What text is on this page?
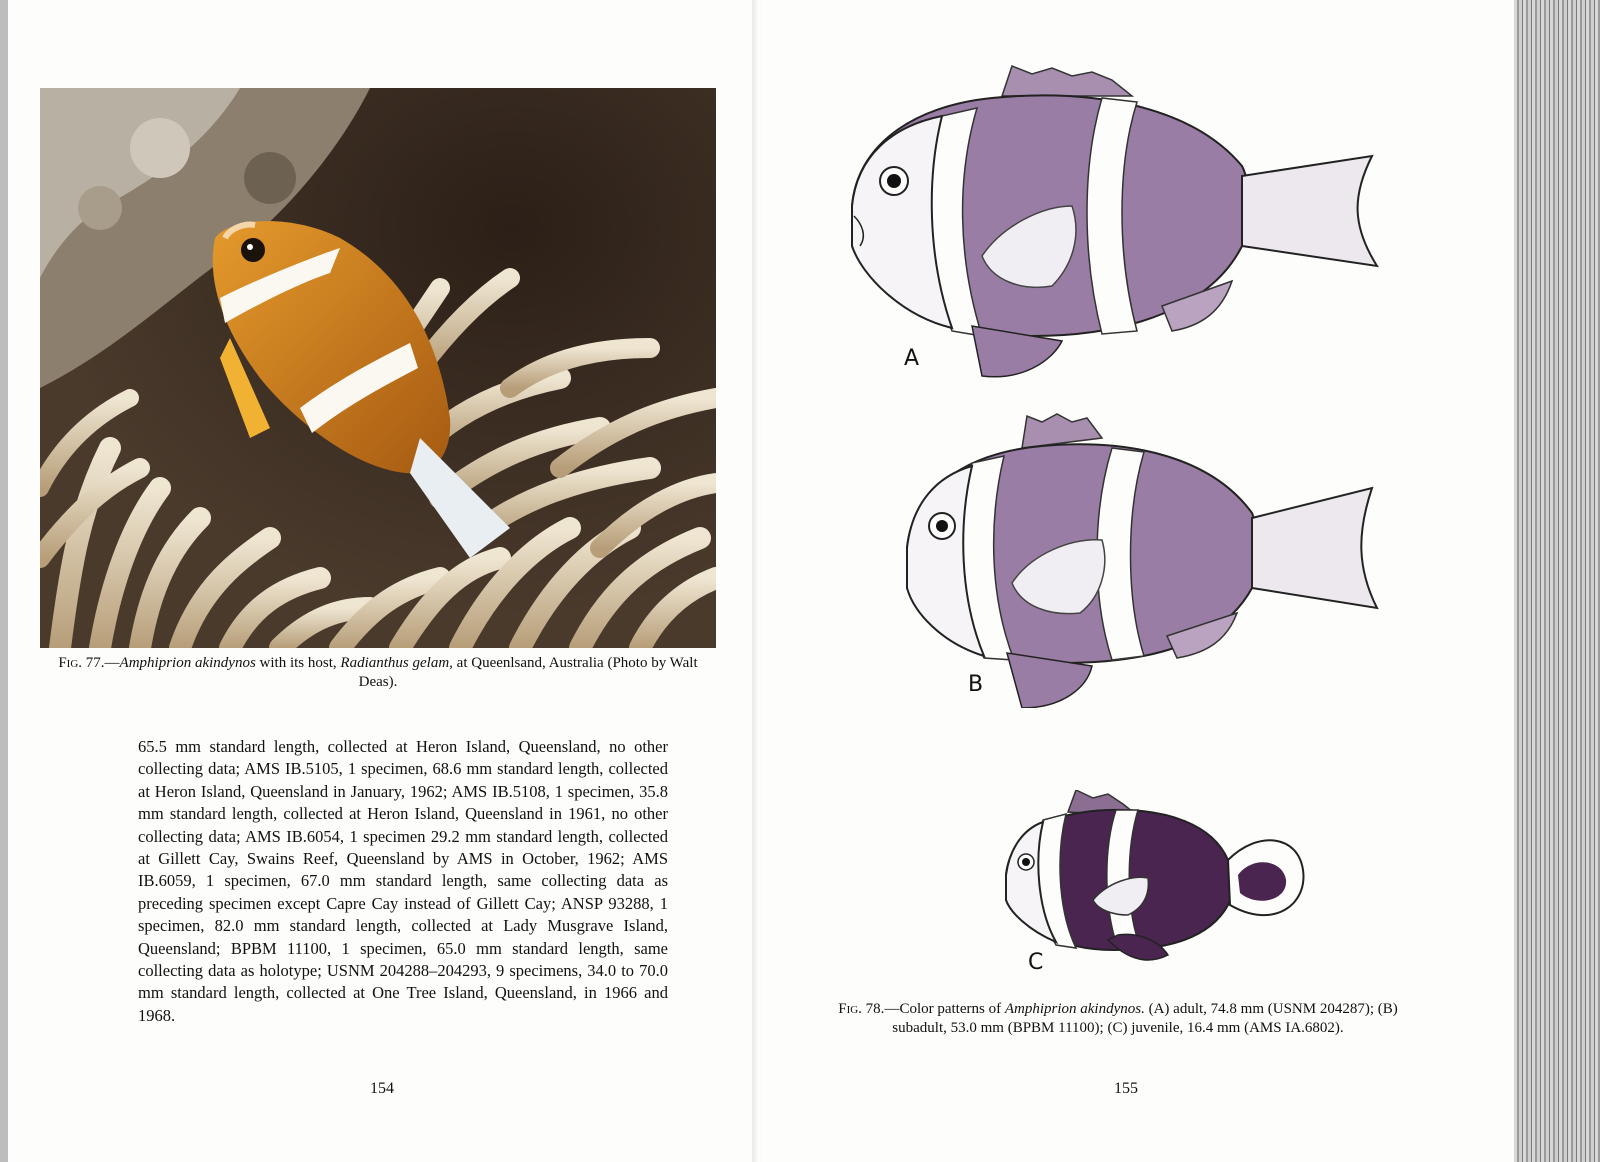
Fig. 77.—Amphiprion akindynos with its host, Radianthus gelam, at Queenlsand, Australia (Photo by Walt Deas).
65.5 mm standard length, collected at Heron Island, Queensland, no other collecting data; AMS IB.5105, 1 specimen, 68.6 mm standard length, collected at Heron Island, Queensland in January, 1962; AMS IB.5108, 1 specimen, 35.8 mm standard length, collected at Heron Island, Queensland in 1961, no other collecting data; AMS IB.6054, 1 specimen 29.2 mm standard length, collected at Gillett Cay, Swains Reef, Queensland by AMS in October, 1962; AMS IB.6059, 1 specimen, 67.0 mm standard length, same collecting data as preceding specimen except Capre Cay instead of Gillett Cay; ANSP 93288, 1 specimen, 82.0 mm standard length, collected at Lady Musgrave Island, Queensland; BPBM 11100, 1 specimen, 65.0 mm standard length, same collecting data as holotype; USNM 204288–204293, 9 specimens, 34.0 to 70.0 mm standard length, collected at One Tree Island, Queensland, in 1966 and 1968.
154
A
B
C
Fig. 78.—Color patterns of Amphiprion akindynos. (A) adult, 74.8 mm (USNM 204287); (B) subadult, 53.0 mm (BPBM 11100); (C) juvenile, 16.4 mm (AMS IA.6802).
155
